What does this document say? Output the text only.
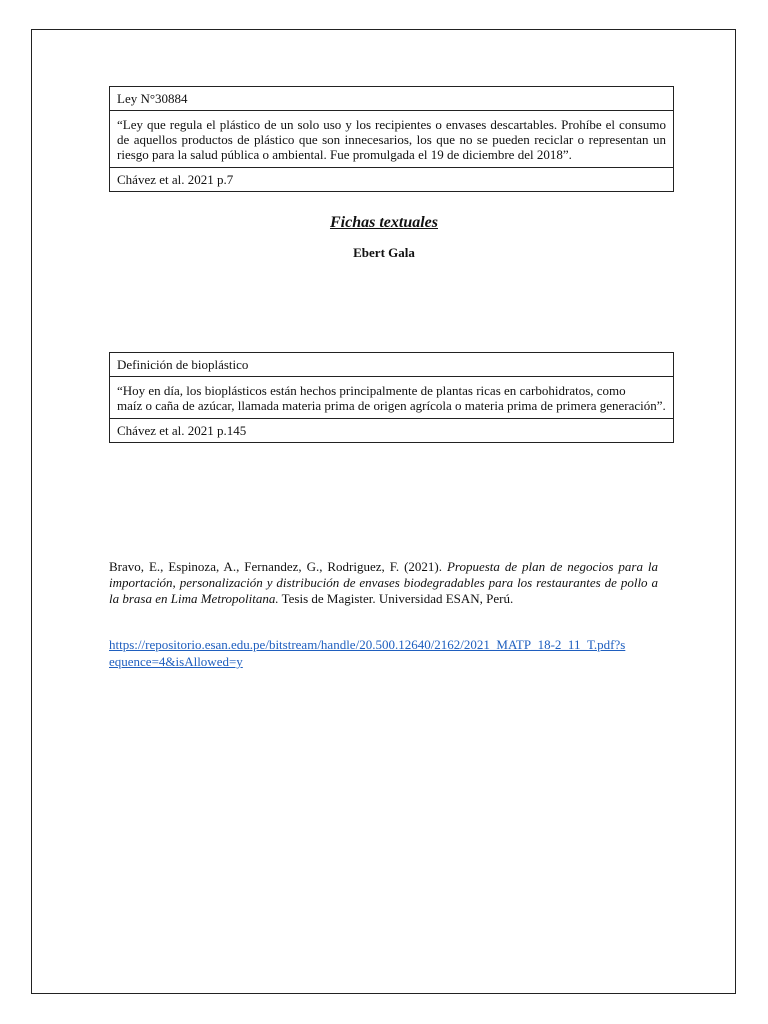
Ley N°30884
“Ley que regula el plástico de un solo uso y los recipientes o envases descartables. Prohíbe el consumo de aquellos productos de plástico que son innecesarios, los que no se pueden reciclar o representan un riesgo para la salud pública o ambiental. Fue promulgada el 19 de diciembre del 2018”.
Chávez et al. 2021 p.7
Fichas textuales
Ebert Gala
Definición de bioplástico

“Hoy en día, los bioplásticos están hechos principalmente de plantas ricas en carbohidratos, como
maíz o caña de azúcar, llamada materia prima de origen agrícola o materia prima de primera generación”.

Chávez et al. 2021 p.145
Bravo, E., Espinoza, A., Fernandez, G., Rodriguez, F. (2021). Propuesta de plan de negocios para la importación, personalización y distribución de envases biodegradables para los restaurantes de pollo a la brasa en Lima Metropolitana. Tesis de Magister. Universidad ESAN, Perú.
https://repositorio.esan.edu.pe/bitstream/handle/20.500.12640/2162/2021_MATP_18-2_11_T.pdf?sequence=4&isAllowed=y
